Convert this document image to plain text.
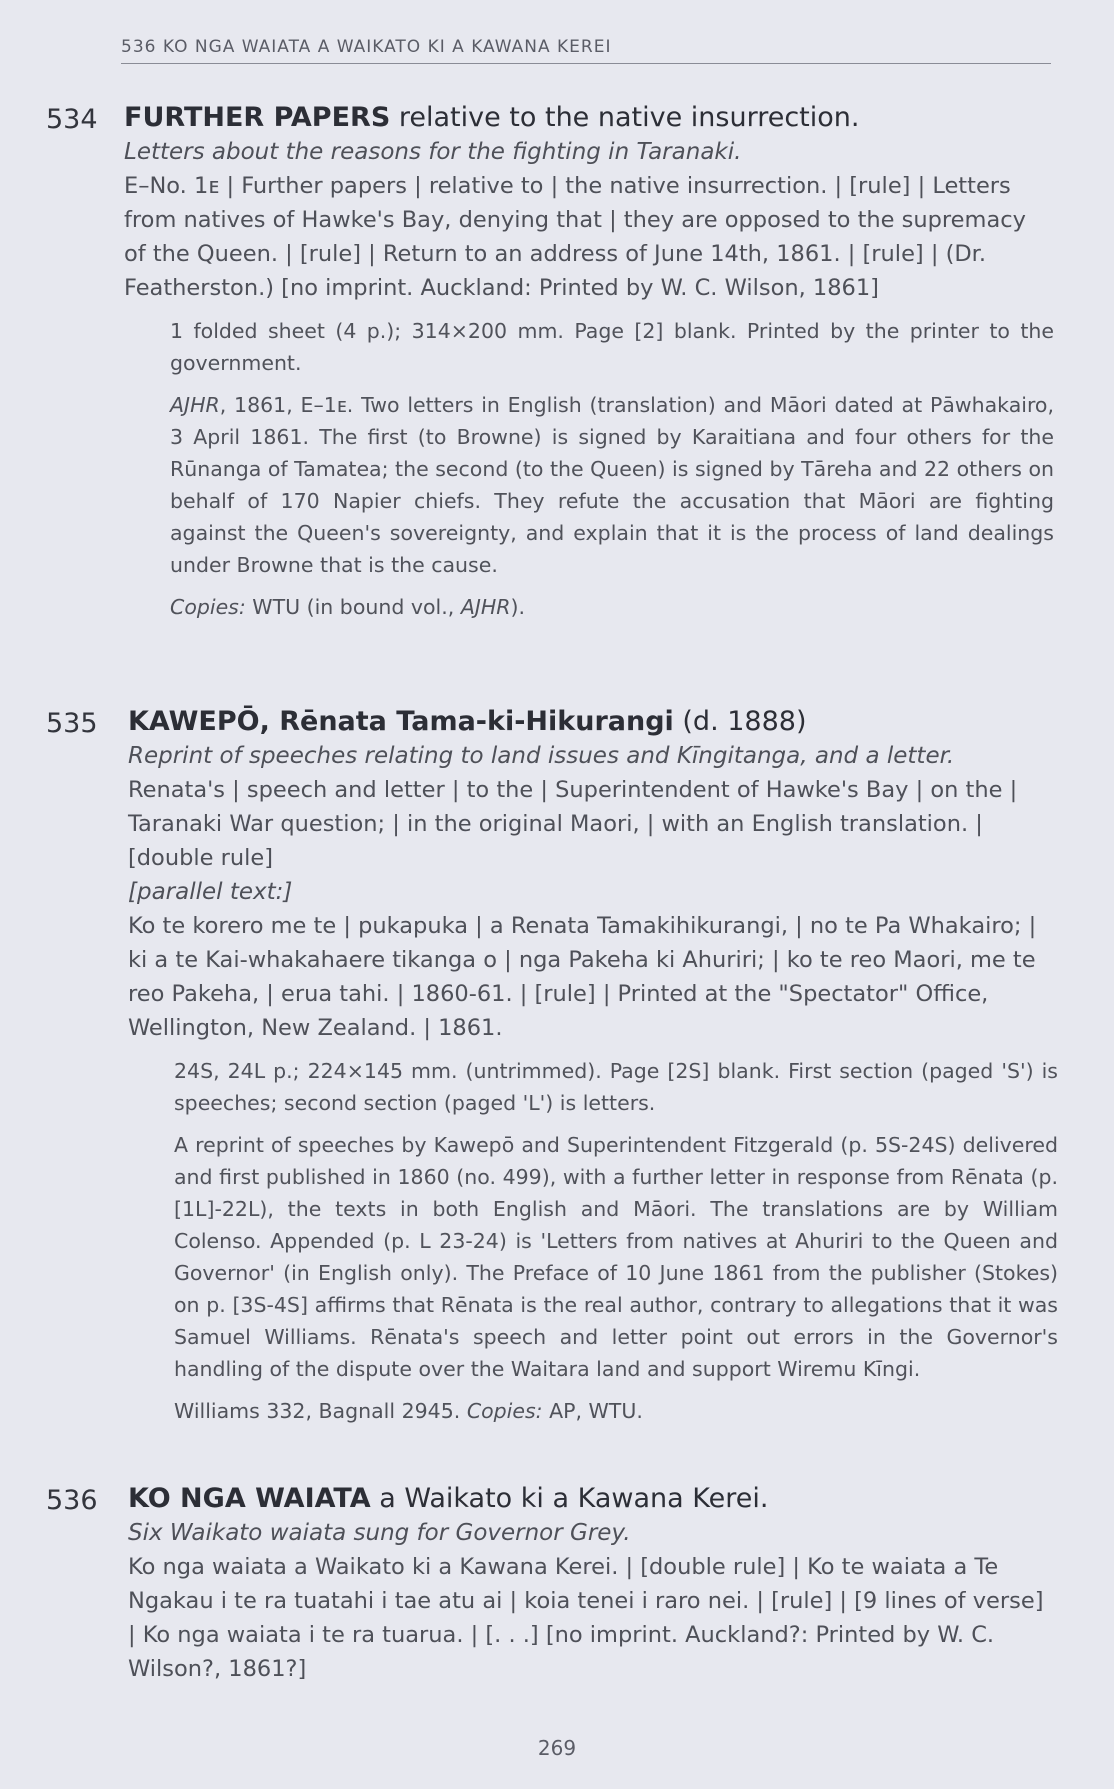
536 KO NGA WAIATA A WAIKATO KI A KAWANA KEREI
534 FURTHER PAPERS relative to the native insurrection.
Letters about the reasons for the fighting in Taranaki.
E–No. 1ᴇ | Further papers | relative to | the native insurrection. | [rule] | Letters from natives of Hawke's Bay, denying that | they are opposed to the supremacy of the Queen. | [rule] | Return to an address of June 14th, 1861. | [rule] | (Dr. Featherston.) [no imprint. Auckland: Printed by W. C. Wilson, 1861]
1 folded sheet (4 p.); 314×200 mm. Page [2] blank. Printed by the printer to the government.
AJHR, 1861, E–1ᴇ. Two letters in English (translation) and Māori dated at Pāwhakairo, 3 April 1861. The first (to Browne) is signed by Karaitiana and four others for the Rūnanga of Tamatea; the second (to the Queen) is signed by Tāreha and 22 others on behalf of 170 Napier chiefs. They refute the accusation that Māori are fighting against the Queen's sovereignty, and explain that it is the process of land dealings under Browne that is the cause.
Copies: WTU (in bound vol., AJHR).
535 KAWEPŌ, Rēnata Tama-ki-Hikurangi (d. 1888)
Reprint of speeches relating to land issues and Kīngitanga, and a letter.
Renata's | speech and letter | to the | Superintendent of Hawke's Bay | on the | Taranaki War question; | in the original Maori, | with an English translation. | [double rule]
[parallel text:]
Ko te korero me te | pukapuka | a Renata Tamakihikurangi, | no te Pa Whakairo; | ki a te Kai-whakahaere tikanga o | nga Pakeha ki Ahuriri; | ko te reo Maori, me te reo Pakeha, | erua tahi. | 1860-61. | [rule] | Printed at the "Spectator" Office, Wellington, New Zealand. | 1861.
24S, 24L p.; 224×145 mm. (untrimmed). Page [2S] blank. First section (paged 'S') is speeches; second section (paged 'L') is letters.
A reprint of speeches by Kawepō and Superintendent Fitzgerald (p. 5S-24S) delivered and first published in 1860 (no. 499), with a further letter in response from Rēnata (p. [1L]-22L), the texts in both English and Māori. The translations are by William Colenso. Appended (p. L 23-24) is 'Letters from natives at Ahuriri to the Queen and Governor' (in English only). The Preface of 10 June 1861 from the publisher (Stokes) on p. [3S-4S] affirms that Rēnata is the real author, contrary to allegations that it was Samuel Williams. Rēnata's speech and letter point out errors in the Governor's handling of the dispute over the Waitara land and support Wiremu Kīngi.
Williams 332, Bagnall 2945. Copies: AP, WTU.
536 KO NGA WAIATA a Waikato ki a Kawana Kerei.
Six Waikato waiata sung for Governor Grey.
Ko nga waiata a Waikato ki a Kawana Kerei. | [double rule] | Ko te waiata a Te Ngakau i te ra tuatahi i tae atu ai | koia tenei i raro nei. | [rule] | [9 lines of verse] | Ko nga waiata i te ra tuarua. | [. . .] [no imprint. Auckland?: Printed by W. C. Wilson?, 1861?]
269
